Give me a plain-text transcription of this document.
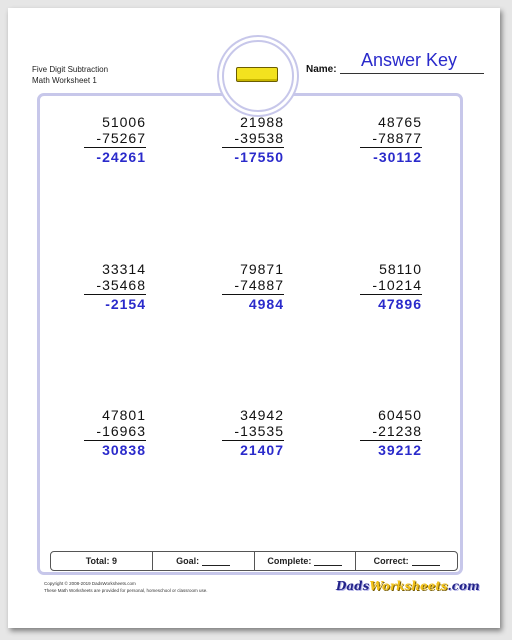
Five Digit Subtraction
Math Worksheet 1
Answer Key
Name:
51006
-75267
-24261
21988
-39538
-17550
48765
-78877
-30112
33314
-35468
-2154
79871
-74887
4984
58110
-10214
47896
47801
-16963
30838
34942
-13535
21407
60450
-21238
39212
Total: 9	Goal:	Complete:	Correct:
Copyright © 2008-2019 DadsWorksheets.com
These Math Worksheets are provided for personal, homeschool or classroom use.	DadsWorksheets.com
